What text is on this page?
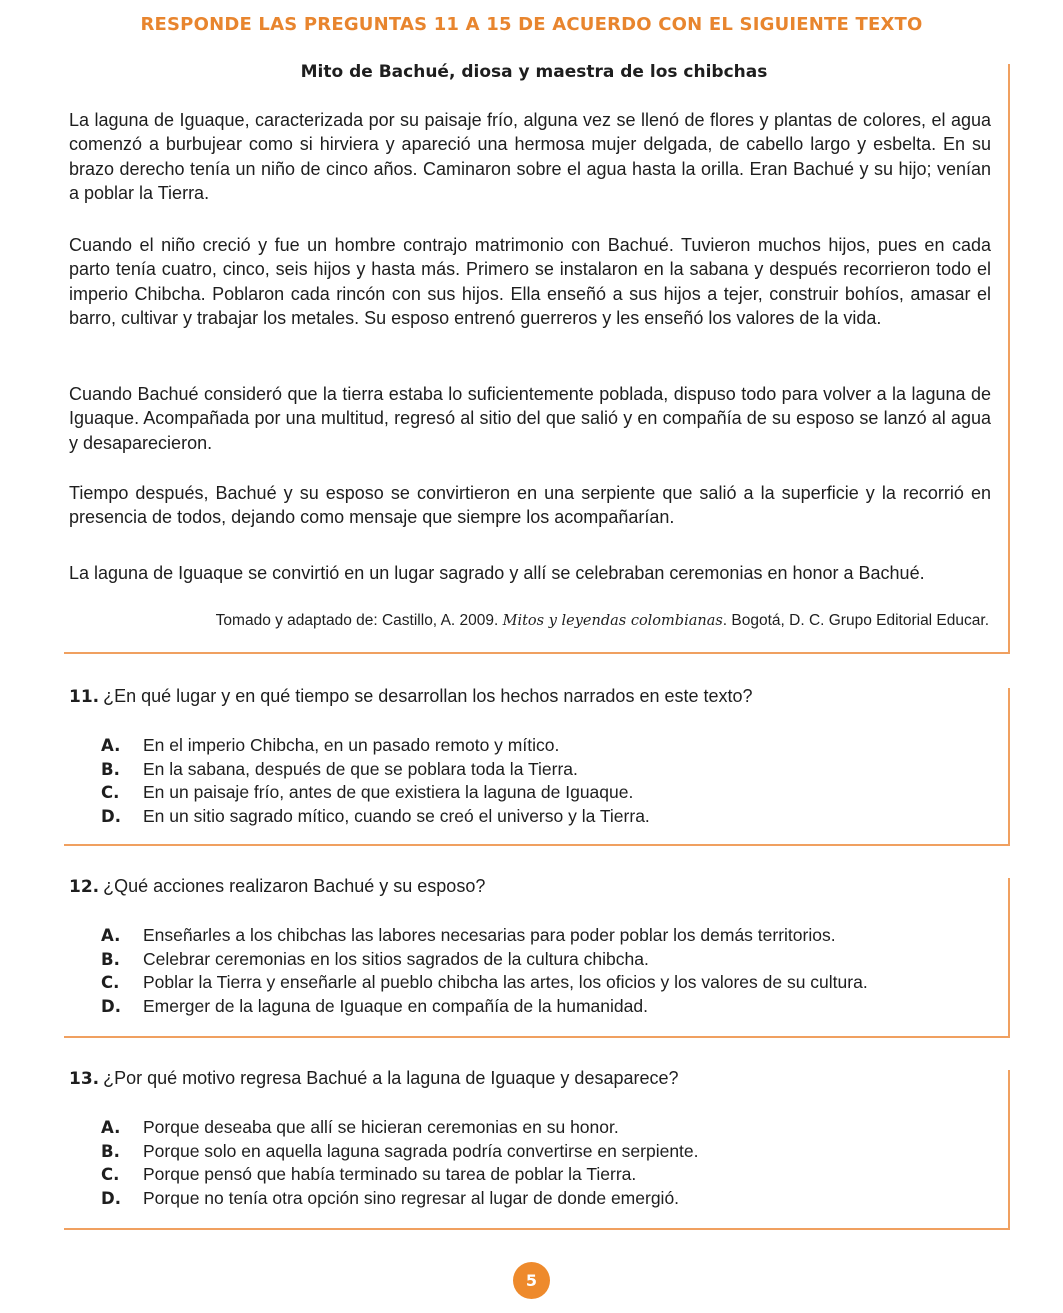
RESPONDE LAS PREGUNTAS 11 A 15 DE ACUERDO CON EL SIGUIENTE TEXTO
Mito de Bachué, diosa y maestra de los chibchas
La laguna de Iguaque, caracterizada por su paisaje frío, alguna vez se llenó de flores y plantas de colores, el agua comenzó a burbujear como si hirviera y apareció una hermosa mujer delgada, de cabello largo y esbelta. En su brazo derecho tenía un niño de cinco años. Caminaron sobre el agua hasta la orilla. Eran Bachué y su hijo; venían a poblar la Tierra.
Cuando el niño creció y fue un hombre contrajo matrimonio con Bachué. Tuvieron muchos hijos, pues en cada parto tenía cuatro, cinco, seis hijos y hasta más. Primero se instalaron en la sabana y después recorrieron todo el imperio Chibcha. Poblaron cada rincón con sus hijos. Ella enseñó a sus hijos a tejer, construir bohíos, amasar el barro, cultivar y trabajar los metales. Su esposo entrenó guerreros y les enseñó los valores de la vida.
Cuando Bachué consideró que la tierra estaba lo suficientemente poblada, dispuso todo para volver a la laguna de Iguaque. Acompañada por una multitud, regresó al sitio del que salió y en compañía de su esposo se lanzó al agua y desaparecieron.
Tiempo después, Bachué y su esposo se convirtieron en una serpiente que salió a la superficie y la recorrió en presencia de todos, dejando como mensaje que siempre los acompañarían.
La laguna de Iguaque se convirtió en un lugar sagrado y allí se celebraban ceremonias en honor a Bachué.
Tomado y adaptado de: Castillo, A. 2009. Mitos y leyendas colombianas. Bogotá, D. C. Grupo Editorial Educar.
11. ¿En qué lugar y en qué tiempo se desarrollan los hechos narrados en este texto?
A. En el imperio Chibcha, en un pasado remoto y mítico.
B. En la sabana, después de que se poblara toda la Tierra.
C. En un paisaje frío, antes de que existiera la laguna de Iguaque.
D. En un sitio sagrado mítico, cuando se creó el universo y la Tierra.
12. ¿Qué acciones realizaron Bachué y su esposo?
A. Enseñarles a los chibchas las labores necesarias para poder poblar los demás territorios.
B. Celebrar ceremonias en los sitios sagrados de la cultura chibcha.
C. Poblar la Tierra y enseñarle al pueblo chibcha las artes, los oficios y los valores de su cultura.
D. Emerger de la laguna de Iguaque en compañía de la humanidad.
13. ¿Por qué motivo regresa Bachué a la laguna de Iguaque y desaparece?
A. Porque deseaba que allí se hicieran ceremonias en su honor.
B. Porque solo en aquella laguna sagrada podría convertirse en serpiente.
C. Porque pensó que había terminado su tarea de poblar la Tierra.
D. Porque no tenía otra opción sino regresar al lugar de donde emergió.
5
